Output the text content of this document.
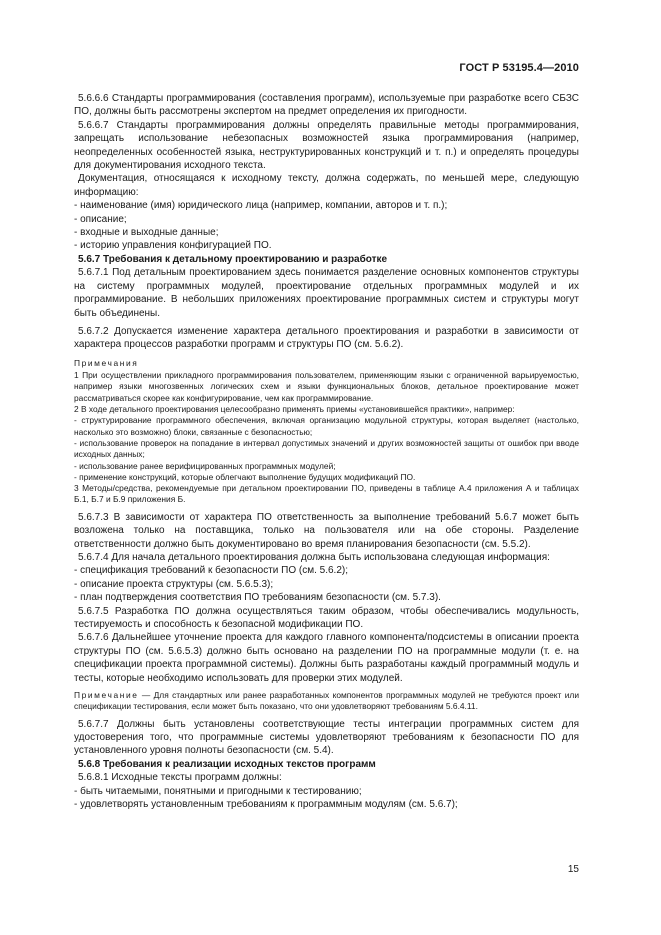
ГОСТ Р 53195.4—2010

5.6.6.6 Стандарты программирования (составления программ), используемые при разработке всего СБЗС ПО, должны быть рассмотрены экспертом на предмет определения их пригодности.

5.6.6.7 Стандарты программирования должны определять правильные методы программирования, запрещать использование небезопасных возможностей языка программирования (например, неопределенных особенностей языка, неструктурированных конструкций и т. п.) и определять процедуры для документирования исходного текста.

Документация, относящаяся к исходному тексту, должна содержать, по меньшей мере, следующую информацию:

- наименование (имя) юридического лица (например, компании, авторов и т. п.);

- описание;

- входные и выходные данные;

- историю управления конфигурацией ПО.

5.6.7 Требования к детальному проектированию и разработке

5.6.7.1 Под детальным проектированием здесь понимается разделение основных компонентов структуры на систему программных модулей, проектирование отдельных программных модулей и их программирование. В небольших приложениях проектирование программных систем и структуры могут быть объединены.

5.6.7.2 Допускается изменение характера детального проектирования и разработки в зависимости от характера процессов разработки программ и структуры ПО (см. 5.6.2).

Примечания

1 При осуществлении прикладного программирования пользователем, применяющим языки с ограниченной варьируемостью, например языки многозвенных логических схем и языки функциональных блоков, детальное проектирование может рассматриваться скорее как конфигурирование, чем как программирование.

2 В ходе детального проектирования целесообразно применять приемы «установившейся практики», например:

- структурирование программного обеспечения, включая организацию модульной структуры, которая выделяет (настолько, насколько это возможно) блоки, связанные с безопасностью;

- использование проверок на попадание в интервал допустимых значений и других возможностей защиты от ошибок при вводе исходных данных;

- использование ранее верифицированных программных модулей;

- применение конструкций, которые облегчают выполнение будущих модификаций ПО.

3 Методы/средства, рекомендуемые при детальном проектировании ПО, приведены в таблице А.4 приложения А и таблицах Б.1, Б.7 и Б.9 приложения Б.

5.6.7.3 В зависимости от характера ПО ответственность за выполнение требований 5.6.7 может быть возложена только на поставщика, только на пользователя или на обе стороны. Разделение ответственности должно быть документировано во время планирования безопасности (см. 5.5.2).

5.6.7.4 Для начала детального проектирования должна быть использована следующая информация:

- спецификация требований к безопасности ПО (см. 5.6.2);

- описание проекта структуры (см. 5.6.5.3);

- план подтверждения соответствия ПО требованиям безопасности (см. 5.7.3).

5.6.7.5 Разработка ПО должна осуществляться таким образом, чтобы обеспечивались модульность, тестируемость и способность к безопасной модификации ПО.

5.6.7.6 Дальнейшее уточнение проекта для каждого главного компонента/подсистемы в описании проекта структуры ПО (см. 5.6.5.3) должно быть основано на разделении ПО на программные модули (т. е. на спецификации проекта программной системы). Должны быть разработаны каждый программный модуль и тесты, которые необходимо использовать для проверки этих модулей.

Примечание — Для стандартных или ранее разработанных компонентов программных модулей не требуются проект или спецификации тестирования, если может быть показано, что они удовлетворяют требованиям 5.6.4.11.

5.6.7.7 Должны быть установлены соответствующие тесты интеграции программных систем для удостоверения того, что программные системы удовлетворяют требованиям к безопасности ПО для установленного уровня полноты безопасности (см. 5.4).

5.6.8 Требования к реализации исходных текстов программ

5.6.8.1 Исходные тексты программ должны:

- быть читаемыми, понятными и пригодными к тестированию;

- удовлетворять установленным требованиям к программным модулям (см. 5.6.7);

15
